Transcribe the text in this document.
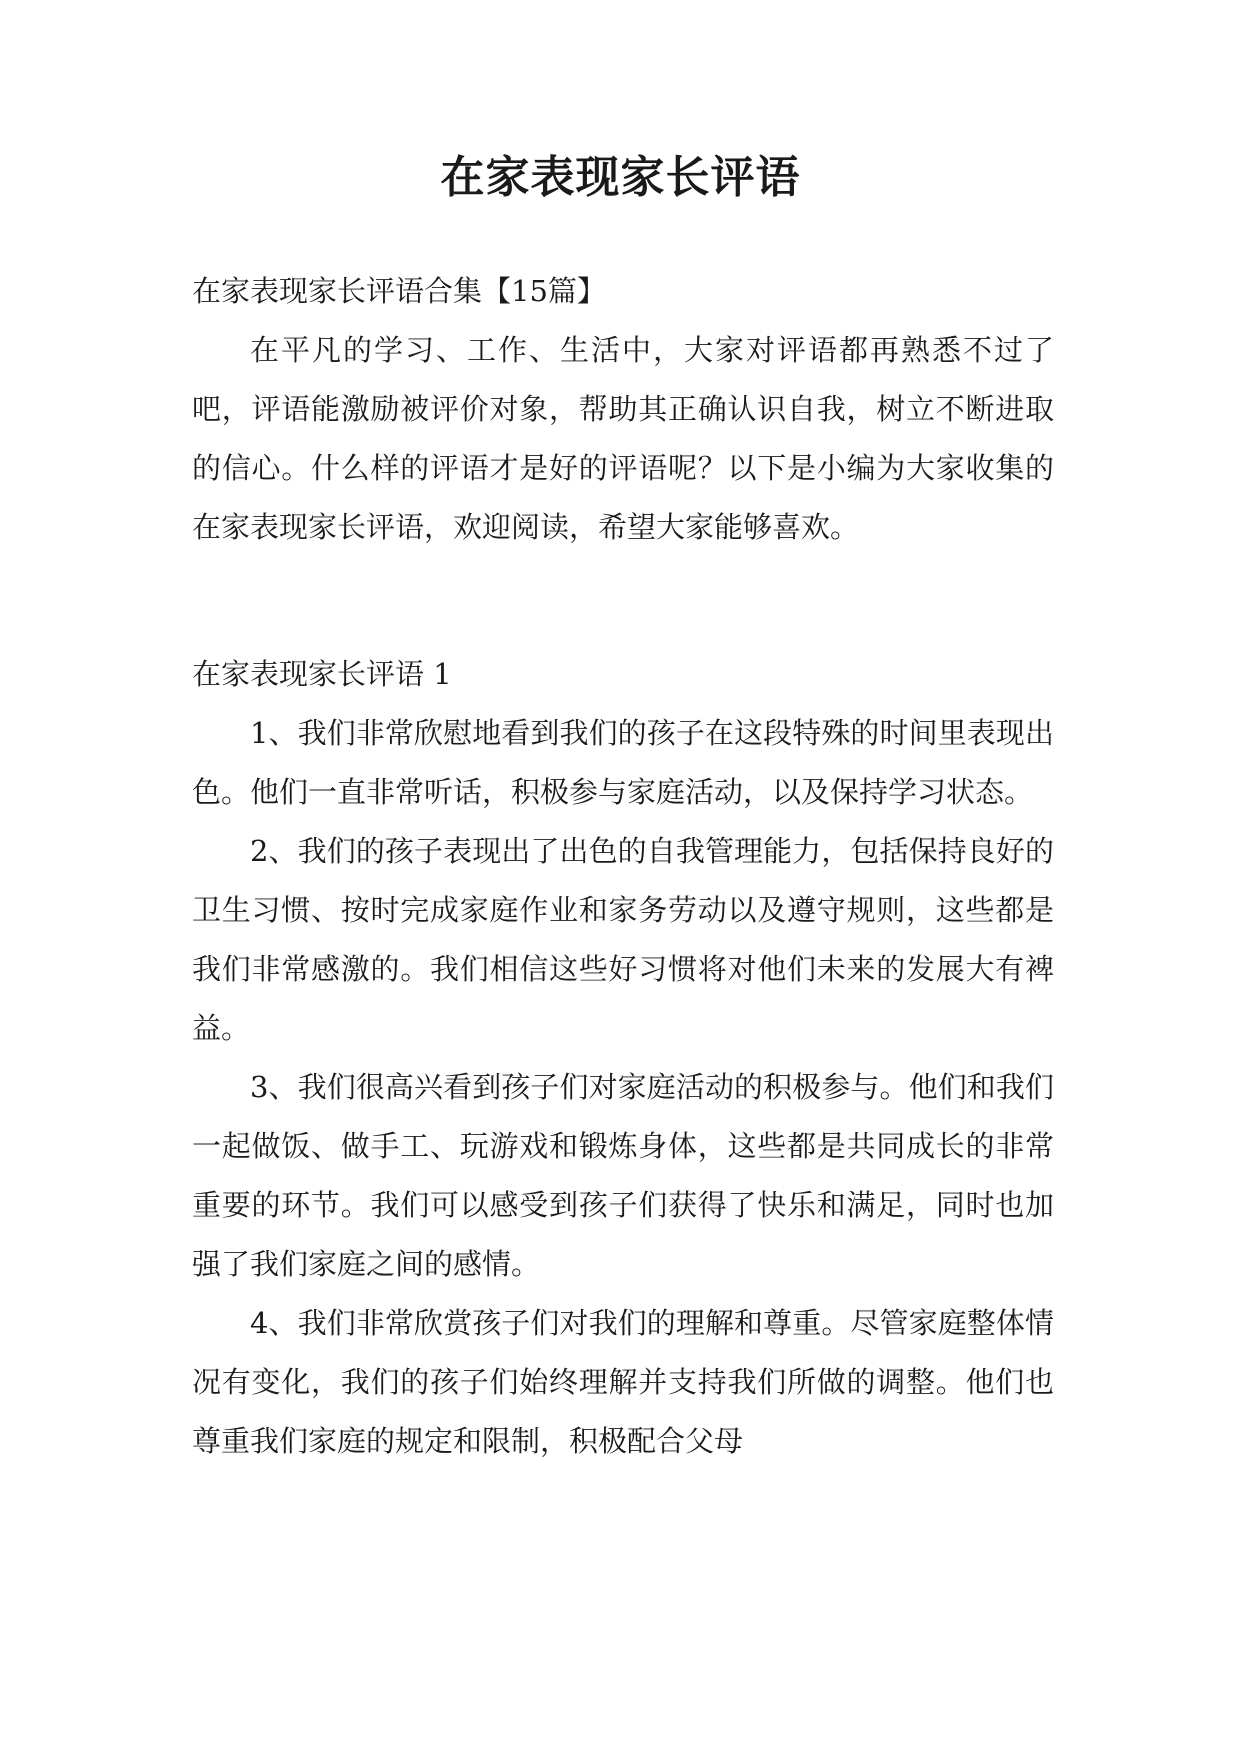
在家表现家长评语

在家表现家长评语合集【15篇】

在平凡的学习、工作、生活中，大家对评语都再熟悉不过了吧，评语能激励被评价对象，帮助其正确认识自我，树立不断进取的信心。什么样的评语才是好的评语呢？以下是小编为大家收集的在家表现家长评语，欢迎阅读，希望大家能够喜欢。

在家表现家长评语 1

1、我们非常欣慰地看到我们的孩子在这段特殊的时间里表现出色。他们一直非常听话，积极参与家庭活动，以及保持学习状态。

2、我们的孩子表现出了出色的自我管理能力，包括保持良好的卫生习惯、按时完成家庭作业和家务劳动以及遵守规则，这些都是我们非常感激的。我们相信这些好习惯将对他们未来的发展大有裨益。

3、我们很高兴看到孩子们对家庭活动的积极参与。他们和我们一起做饭、做手工、玩游戏和锻炼身体，这些都是共同成长的非常重要的环节。我们可以感受到孩子们获得了快乐和满足，同时也加强了我们家庭之间的感情。

4、我们非常欣赏孩子们对我们的理解和尊重。尽管家庭整体情况有变化，我们的孩子们始终理解并支持我们所做的调整。他们也尊重我们家庭的规定和限制，积极配合父母
